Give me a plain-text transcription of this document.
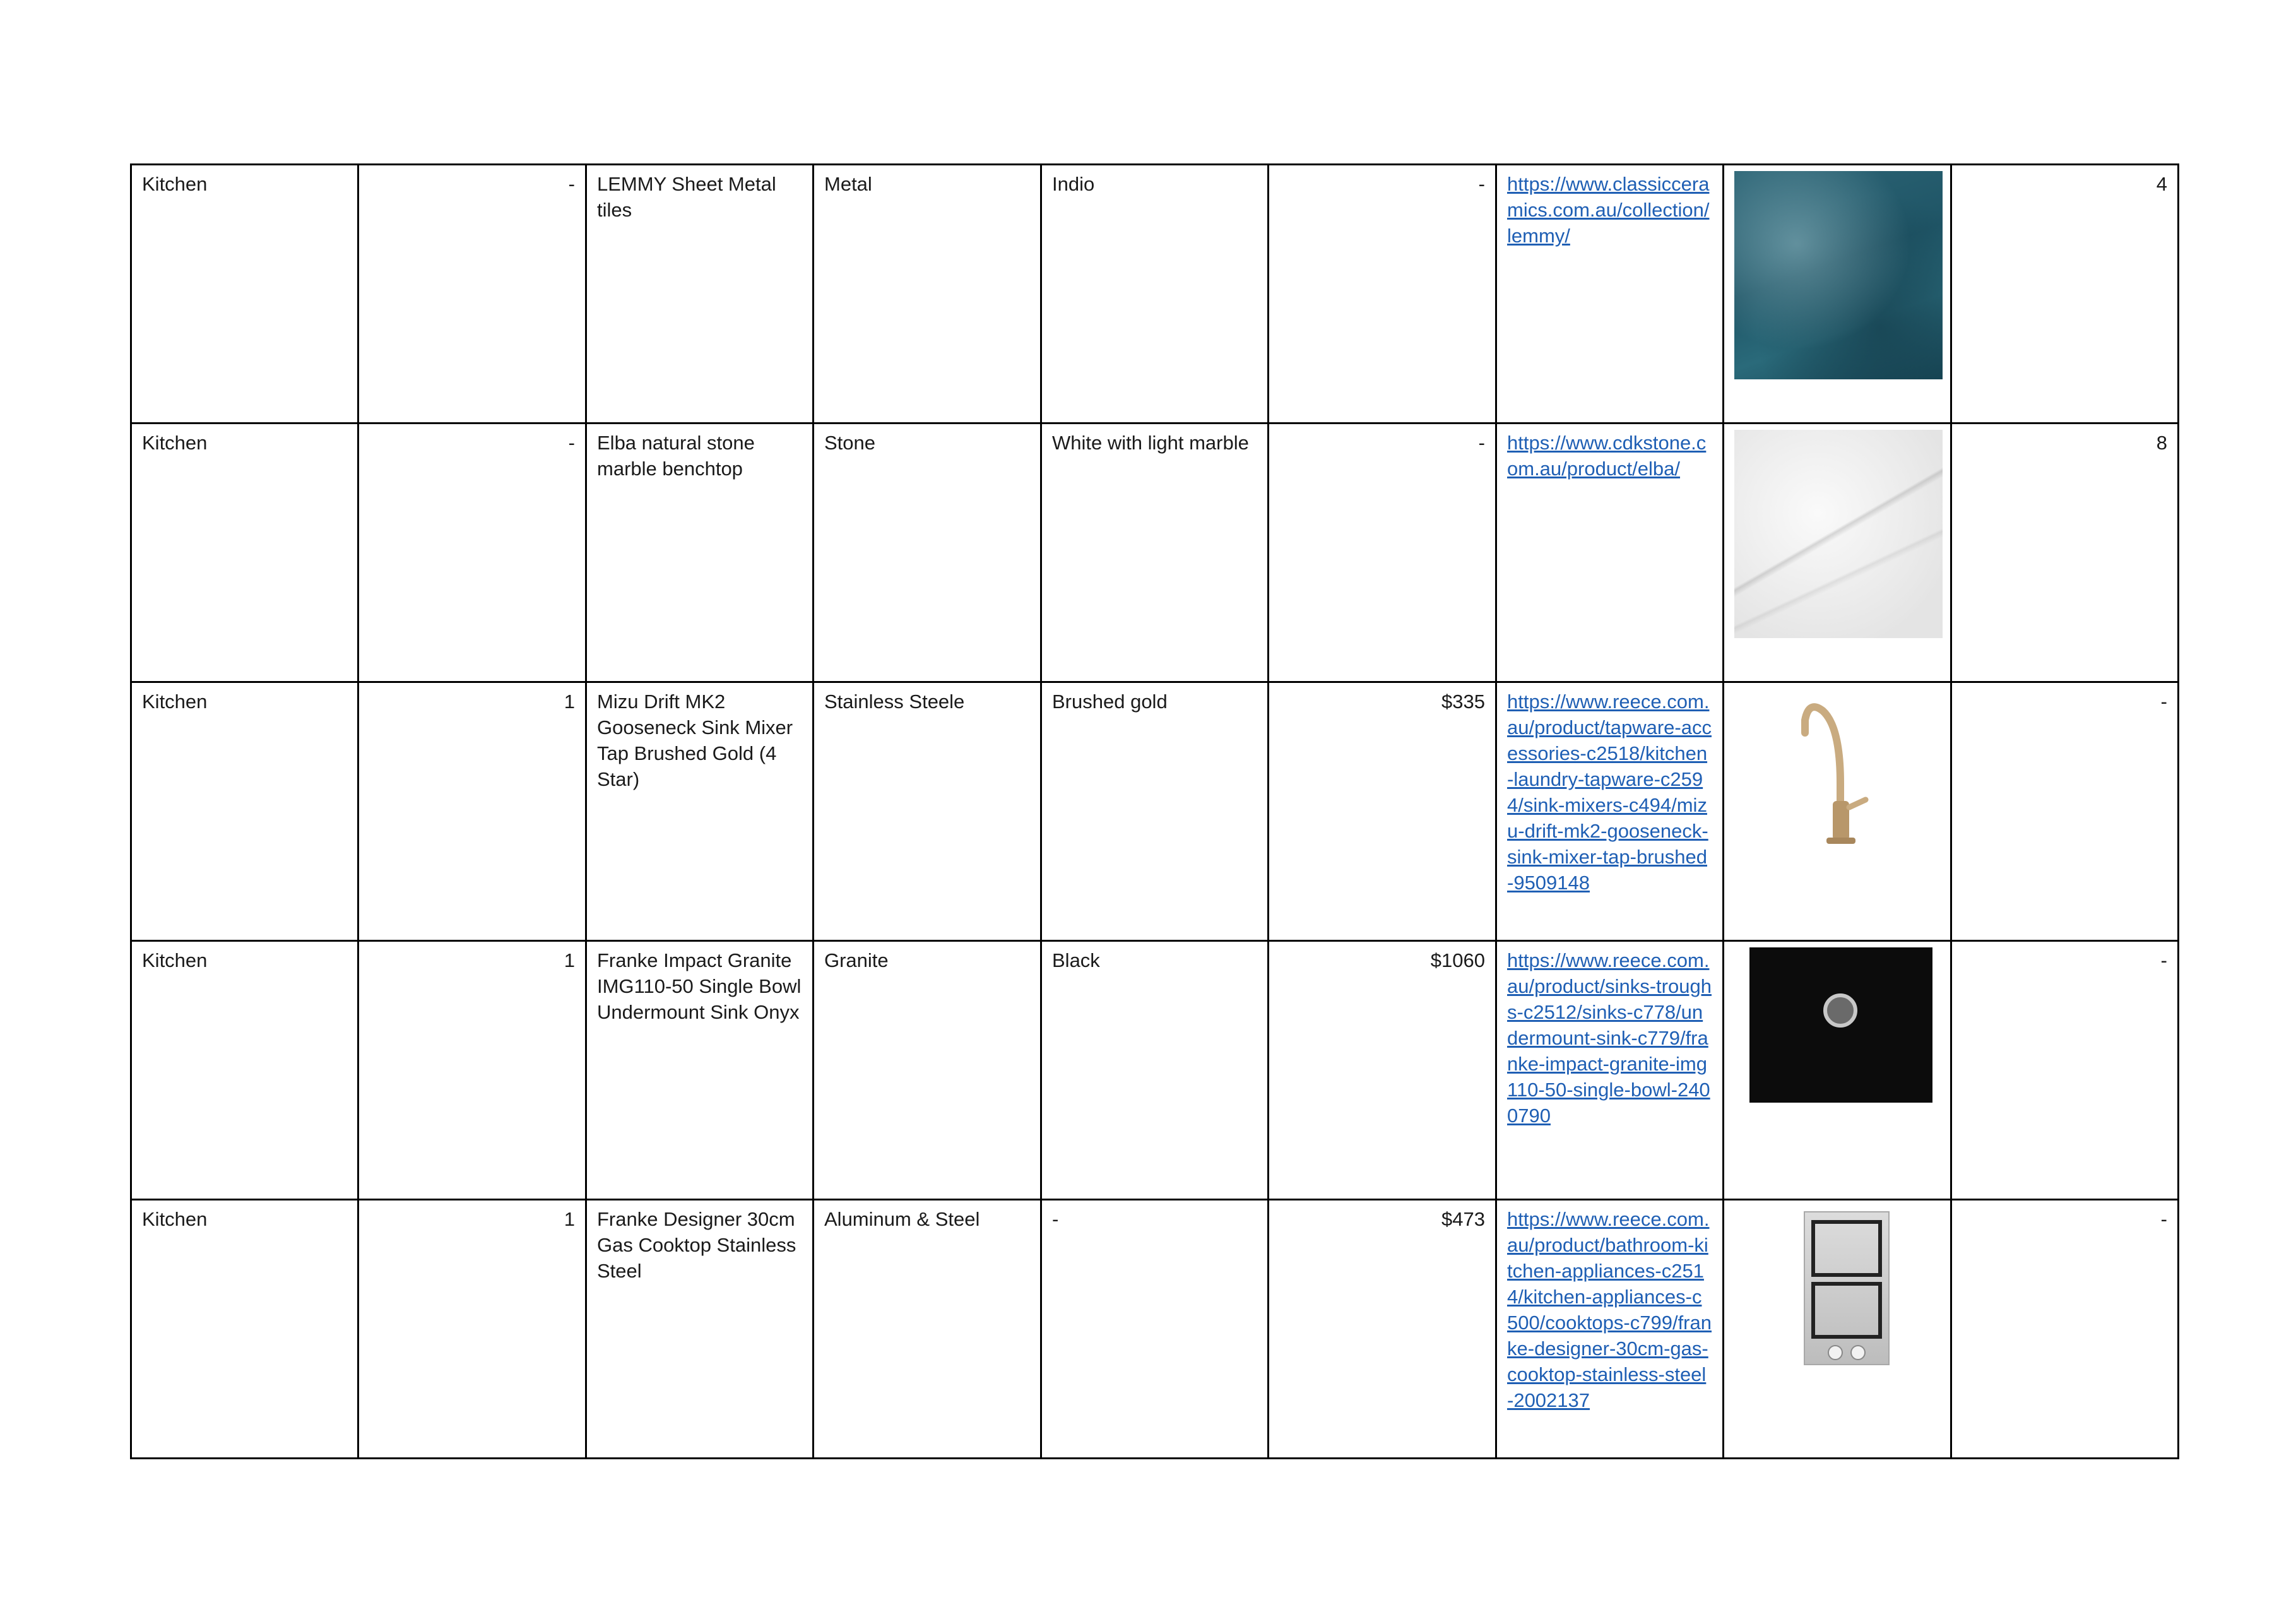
Kitchen	-	LEMMY Sheet Metal tiles	Metal	Indio	-	https://www.classicceramics.com.au/collection/lemmy/		4
Kitchen	-	Elba natural stone marble benchtop	Stone	White with light marble	-	https://www.cdkstone.com.au/product/elba/		8
Kitchen	1	Mizu Drift MK2 Gooseneck Sink Mixer Tap Brushed Gold (4 Star)	Stainless Steele	Brushed gold	$335	https://www.reece.com.au/product/tapware-accessories-c2518/kitchen-laundry-tapware-c2594/sink-mixers-c494/mizu-drift-mk2-gooseneck-sink-mixer-tap-brushed-9509148		-
Kitchen	1	Franke Impact Granite IMG110-50 Single Bowl Undermount Sink Onyx	Granite	Black	$1060	https://www.reece.com.au/product/sinks-troughs-c2512/sinks-c778/undermount-sink-c779/franke-impact-granite-img110-50-single-bowl-2400790		-
Kitchen	1	Franke Designer 30cm Gas Cooktop Stainless Steel	Aluminum & Steel	-	$473	https://www.reece.com.au/product/bathroom-kitchen-appliances-c2514/kitchen-appliances-c500/cooktops-c799/franke-designer-30cm-gas-cooktop-stainless-steel-2002137		-
